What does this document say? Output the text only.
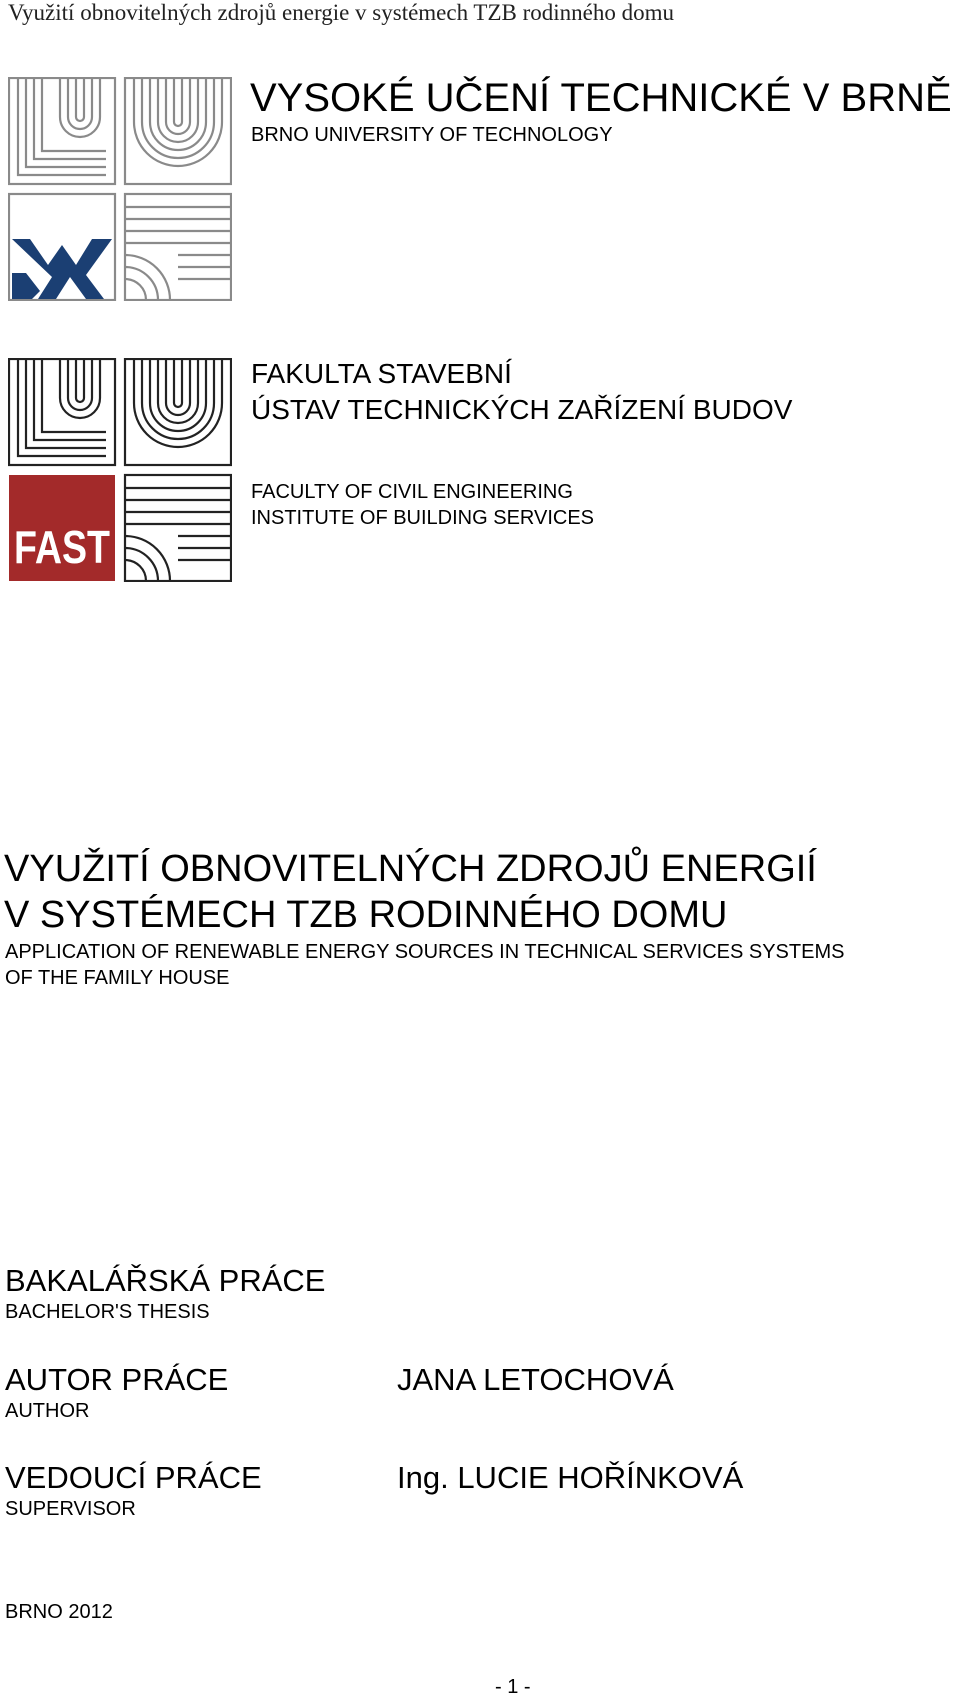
Využití obnovitelných zdrojů energie v systémech TZB rodinného domu
VYSOKÉ UČENÍ TECHNICKÉ V BRNĚ
BRNO UNIVERSITY OF TECHNOLOGY
FAST
FAKULTA STAVEBNÍ
ÚSTAV TECHNICKÝCH ZAŘÍZENÍ BUDOV
FACULTY OF CIVIL ENGINEERING
INSTITUTE OF BUILDING SERVICES
VYUŽITÍ OBNOVITELNÝCH ZDROJŮ ENERGIÍ
V SYSTÉMECH TZB RODINNÉHO DOMU
APPLICATION OF RENEWABLE ENERGY SOURCES IN TECHNICAL SERVICES SYSTEMS
OF THE FAMILY HOUSE
BAKALÁŘSKÁ PRÁCE
BACHELOR'S THESIS
AUTOR PRÁCE
AUTHOR
JANA LETOCHOVÁ
VEDOUCÍ PRÁCE
SUPERVISOR
Ing. LUCIE HOŘÍNKOVÁ
BRNO 2012
- 1 -
